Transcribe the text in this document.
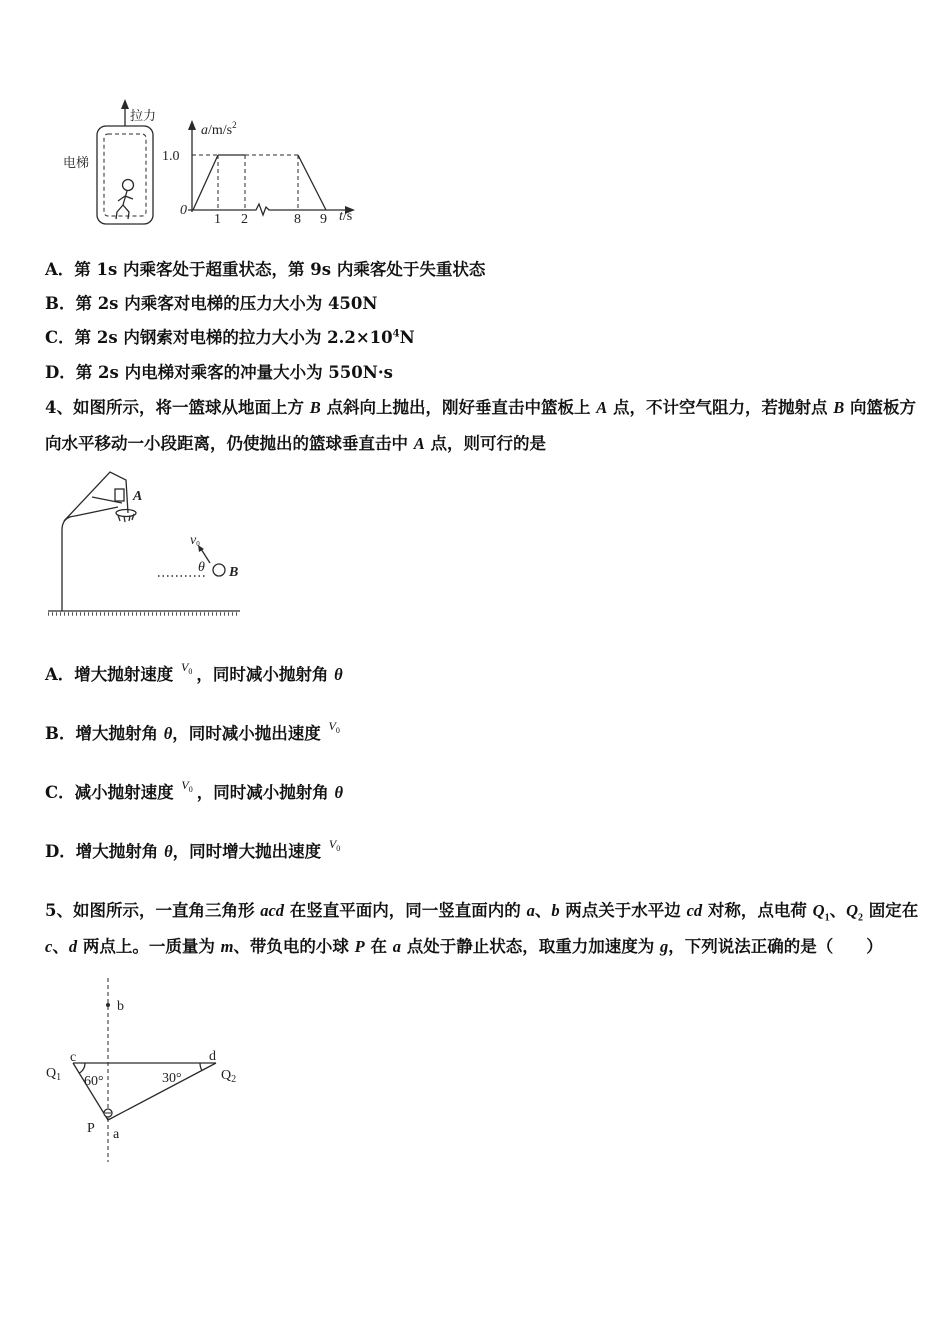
拉力
电梯
$a/m/s^2$
1.0
0
1 2	8 9 t/s
A．第 1s 内乘客处于超重状态，第 9s 内乘客处于失重状态
B．第 2s 内乘客对电梯的压力大小为 450N
C．第 2s 内钢索对电梯的拉力大小为 $2.2\times 10^4N$
D．第 2s 内电梯对乘客的冲量大小为 550N·s
4、如图所示，将一篮球从地面上方 B 点斜向上抛出，刚好垂直击中篮板上 A 点，不计空气阻力，若抛射点 B 向篮板方
向水平移动一小段距离，仍使抛出的篮球垂直击中 A 点，则可行的是
A
v0
θ B
A．增大抛射速度 $^{V0}$ ，同时减小抛射角 θ
B．增大抛射角 θ，同时减小抛出速度 $^{V0}$
C．减小抛射速度 $^{V0}$ ，同时减小抛射角 θ
D．增大抛射角 θ，同时增大抛出速度 $^{V0}$
5、如图所示，一直角三角形 acd 在竖直平面内，同一竖直面内的 a、b 两点关于水平边 cd 对称，点电荷 $Q_1$、$Q_2$ 固定在
c、d 两点上。一质量为 m、带负电的小球 P 在 a 点处于静止状态，取重力加速度为 g，下列说法正确的是（　　）
b
c	d
$Q_1$	$Q_2$
60°	30°
P a
